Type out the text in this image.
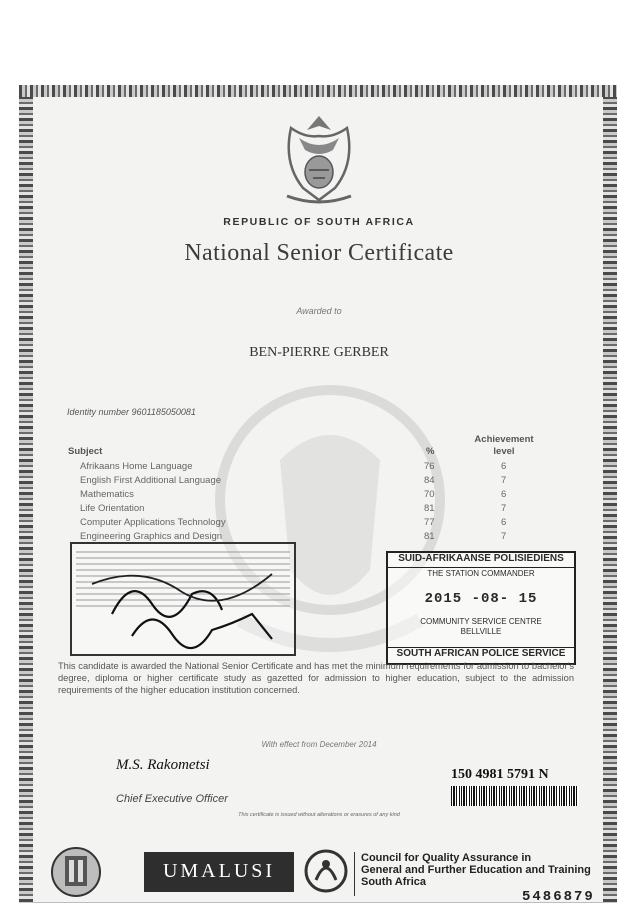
REPUBLIC OF SOUTH AFRICA
National Senior Certificate
Awarded to
BEN-PIERRE GERBER
Identity number 9601185050081
Subject	%
Achievement
level
Afrikaans Home Language	76	6
English First Additional Language	84	7
Mathematics	70	6
Life Orientation	81	7
Computer Applications Technology	77	6
Engineering Graphics and Design	81	7
SUID-AFRIKAANSE POLISIEDIENS
THE STATION COMMANDER
2015 -08- 15
COMMUNITY SERVICE CENTRE
BELLVILLE
SOUTH AFRICAN POLICE SERVICE
This candidate is awarded the National Senior Certificate and has met the minimum requirements for admission to bachelor's degree, diploma or higher certificate study as gazetted for admission to higher education, subject to the admission requirements of the higher education institution concerned.
With effect from December 2014
M.S. Rakometsi
Chief Executive Officer
This certificate is issued without alterations or erasures of any kind
150 4981 5791 N
UMALUSI
Council for Quality Assurance in
General and Further Education and Training
South Africa
5486879
